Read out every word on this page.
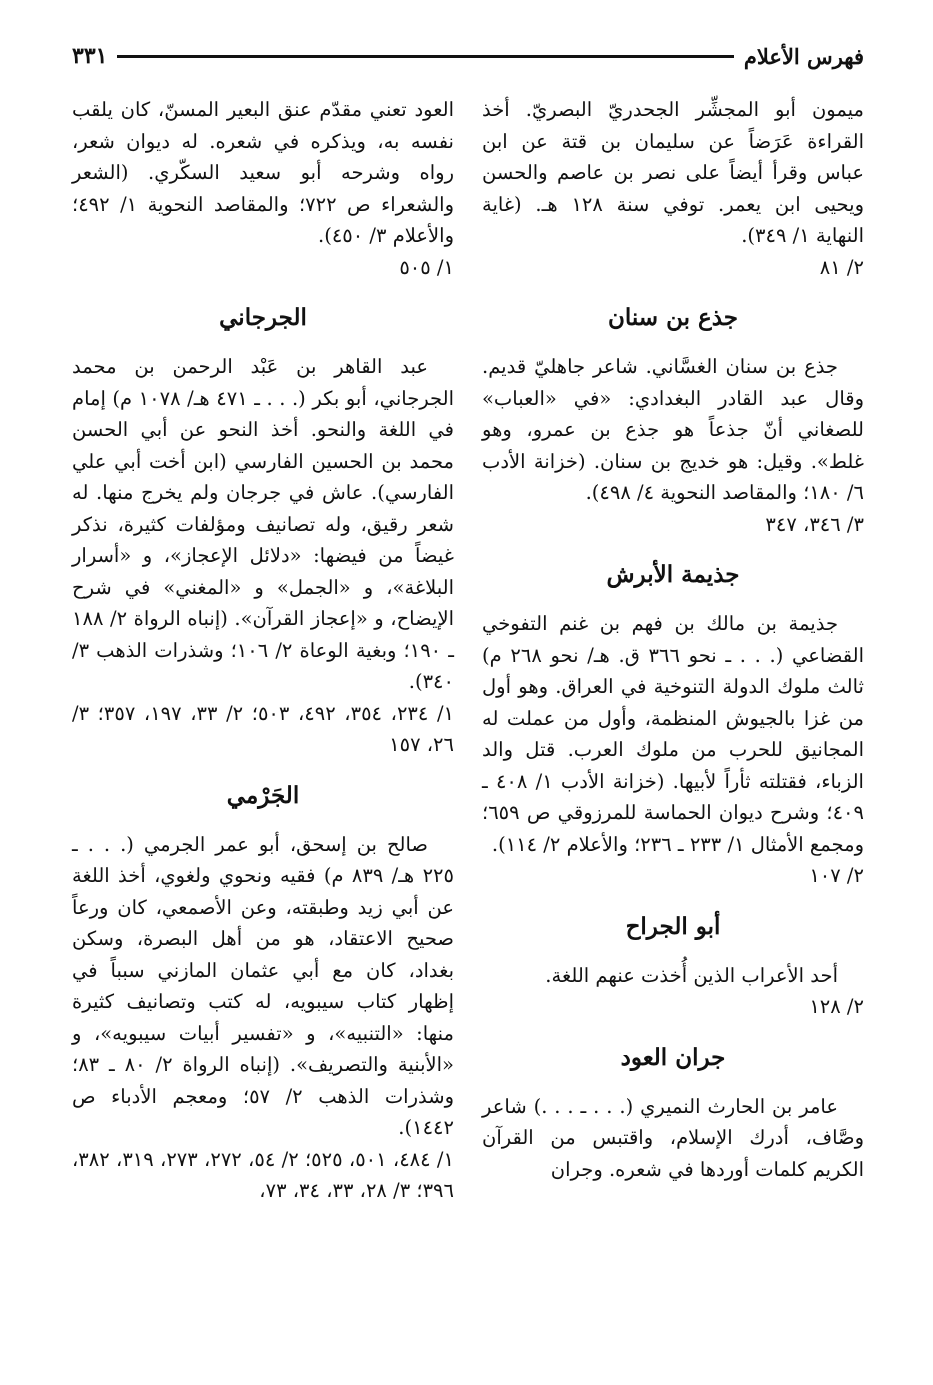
فهرس الأعلام
٣٣١

ميمون أبو المجشِّر الجحدريّ البصريّ. أخذ القراءة عَرَضاً عن سليمان بن قتة عن ابن عباس وقرأ أيضاً على نصر بن عاصم والحسن ويحيى ابن يعمر. توفي سنة ١٢٨ هـ. (غاية النهاية ١/ ٣٤٩).

٢/ ٨١

جذع بن سنان

جذع بن سنان الغسَّاني. شاعر جاهليّ قديم. وقال عبد القادر البغدادي: «في «العباب» للصغاني أنّ جذعاً هو جذع بن عمرو، وهو غلط». وقيل: هو خديج بن سنان. (خزانة الأدب ٦/ ١٨٠؛ والمقاصد النحوية ٤/ ٤٩٨).

٣/ ٣٤٦، ٣٤٧

جذيمة الأبرش

جذيمة بن مالك بن فهم بن غنم التفوخي القضاعي (. . . ـ نحو ٣٦٦ ق. هـ/ نحو ٢٦٨ م) ثالث ملوك الدولة التنوخية في العراق. وهو أول من غزا بالجيوش المنظمة، وأول من عملت له المجانيق للحرب من ملوك العرب. قتل والد الزباء، فقتلته ثأراً لأبيها. (خزانة الأدب ١/ ٤٠٨ ـ ٤٠٩؛ وشرح ديوان الحماسة للمرزوقي ص ٦٥٩؛ ومجمع الأمثال ١/ ٢٣٣ ـ ٢٣٦؛ والأعلام ٢/ ١١٤).

٢/ ١٠٧

أبو الجراح

أحد الأعراب الذين أُخذت عنهم اللغة.

٢/ ١٢٨

جران العود

عامر بن الحارث النميري (. . . ـ . . .) شاعر وصَّاف، أدرك الإسلام، واقتبس من القرآن الكريم كلمات أوردها في شعره. وجران

العود تعني مقدّم عنق البعير المسنّ، كان يلقب نفسه به، ويذكره في شعره. له ديوان شعر، رواه وشرحه أبو سعيد السكّري. (الشعر والشعراء ص ٧٢٢؛ والمقاصد النحوية ١/ ٤٩٢؛ والأعلام ٣/ ٤٥٠).

١/ ٥٠٥

الجرجاني

عبد القاهر بن عَبْد الرحمن بن محمد الجرجاني، أبو بكر (. . . ـ ٤٧١ هـ/ ١٠٧٨ م) إمام في اللغة والنحو. أخذ النحو عن أبي الحسن محمد بن الحسين الفارسي (ابن أخت أبي علي الفارسي). عاش في جرجان ولم يخرج منها. له شعر رقيق، وله تصانيف ومؤلفات كثيرة، نذكر غيضاً من فيضها: «دلائل الإعجاز»، و «أسرار البلاغة»، و «الجمل» و «المغني» في شرح الإيضاح، و «إعجاز القرآن». (إنباه الرواة ٢/ ١٨٨ ـ ١٩٠؛ وبغية الوعاة ٢/ ١٠٦؛ وشذرات الذهب ٣/ ٣٤٠).

١/ ٢٣٤، ٣٥٤، ٤٩٢، ٥٠٣؛ ٢/ ٣٣، ١٩٧، ٣٥٧؛ ٣/ ٢٦، ١٥٧

الجَرْمي

صالح بن إسحق، أبو عمر الجرمي (. . . ـ ٢٢٥ هـ/ ٨٣٩ م) فقيه ونحوي ولغوي، أخذ اللغة عن أبي زيد وطبقته، وعن الأصمعي، كان ورعاً صحيح الاعتقاد، هو من أهل البصرة، وسكن بغداد، كان مع أبي عثمان المازني سبباً في إظهار كتاب سيبويه، له كتب وتصانيف كثيرة منها: «التنبيه»، و «تفسير أبيات سيبويه»، و «الأبنية والتصريف». (إنباه الرواة ٢/ ٨٠ ـ ٨٣؛ وشذرات الذهب ٢/ ٥٧؛ ومعجم الأدباء ص ١٤٤٢).

١/ ٤٨٤، ٥٠١، ٥٢٥؛ ٢/ ٥٤، ٢٧٢، ٢٧٣، ٣١٩، ٣٨٢، ٣٩٦؛ ٣/ ٢٨، ٣٣، ٣٤، ٧٣،
